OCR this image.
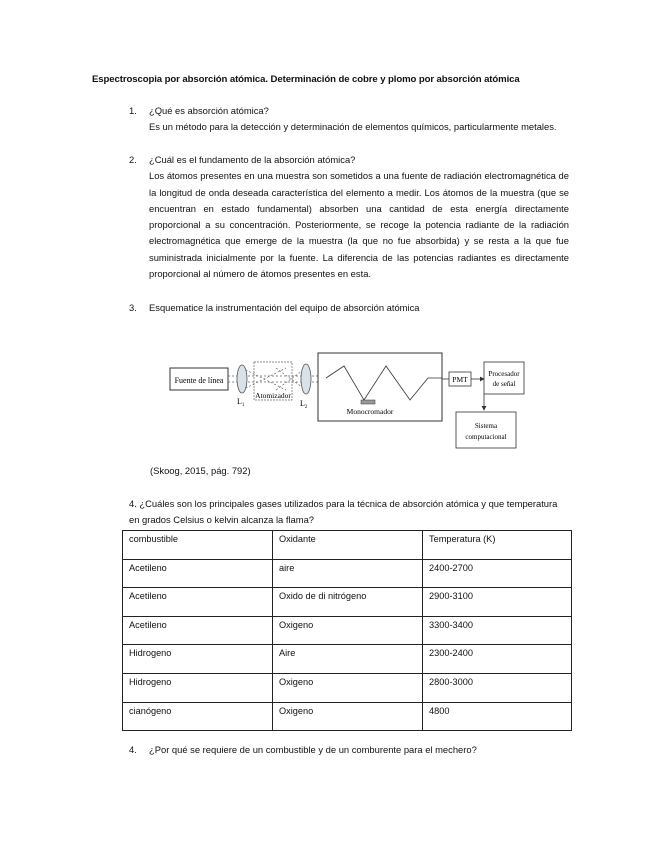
Espectroscopia por absorción atómica. Determinación de cobre y plomo por absorción atómica
1. ¿Qué es absorción atómica?
Es un método para la detección y determinación de elementos químicos, particularmente metales.
2. ¿Cuál es el fundamento de la absorción atómica?
Los átomos presentes en una muestra son sometidos a una fuente de radiación electromagnética de la longitud de onda deseada característica del elemento a medir. Los átomos de la muestra (que se encuentran en estado fundamental) absorben una cantidad de esta energía directamente proporcional a su concentración. Posteriormente, se recoge la potencia radiante de la radiación electromagnética que emerge de la muestra (la que no fue absorbida) y se resta a la que fue suministrada inicialmente por la fuente. La diferencia de las potencias radiantes es directamente proporcional al número de átomos presentes en esta.
3. Esquematice la instrumentación del equipo de absorción atómica
Fuente de línea
$L_1$
Atomizador
$L_2$	Monocromador
PMT
Procesador
de señal
Sistema
computacional
(Skoog, 2015, pág. 792)
4. ¿Cuáles son los principales gases utilizados para la técnica de absorción atómica y que temperatura en grados Celsius o kelvin alcanza la flama?
combustible	Oxidante	Temperatura (K)
Acetileno	aire	2400-2700
Acetileno	Oxido de di nitrógeno	2900-3100
Acetileno	Oxigeno	3300-3400
Hidrogeno	Aire	2300-2400
Hidrogeno	Oxigeno	2800-3000
cianógeno	Oxigeno	4800
4. ¿Por qué se requiere de un combustible y de un comburente para el mechero?
